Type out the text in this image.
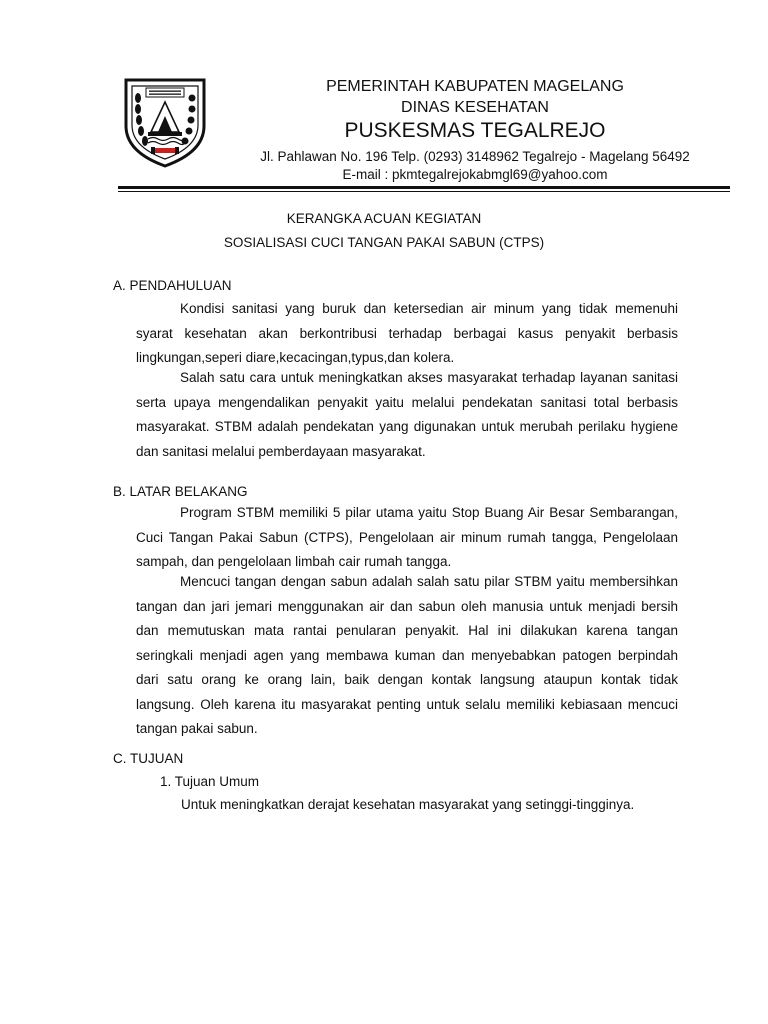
PEMERINTAH KABUPATEN MAGELANG
DINAS KESEHATAN
PUSKESMAS TEGALREJO
Jl. Pahlawan No. 196 Telp. (0293) 3148962 Tegalrejo - Magelang 56492
E-mail : pkmtegalrejokabmgl69@yahoo.com
KERANGKA ACUAN KEGIATAN
SOSIALISASI CUCI TANGAN PAKAI SABUN (CTPS)
A. PENDAHULUAN

Kondisi sanitasi yang buruk dan ketersedian air minum yang tidak memenuhi syarat kesehatan akan berkontribusi terhadap berbagai kasus penyakit berbasis lingkungan,seperi diare,kecacingan,typus,dan kolera.

Salah satu cara untuk meningkatkan akses masyarakat terhadap layanan sanitasi serta upaya mengendalikan penyakit yaitu melalui pendekatan sanitasi total berbasis masyarakat. STBM adalah pendekatan yang digunakan untuk merubah perilaku hygiene dan sanitasi melalui pemberdayaan masyarakat.

B. LATAR BELAKANG

Program STBM memiliki 5 pilar utama yaitu Stop Buang Air Besar Sembarangan, Cuci Tangan Pakai Sabun (CTPS), Pengelolaan air minum rumah tangga, Pengelolaan sampah, dan pengelolaan limbah cair rumah tangga.

Mencuci tangan dengan sabun adalah salah satu pilar STBM yaitu membersihkan tangan dan jari jemari menggunakan air dan sabun oleh manusia untuk menjadi bersih dan memutuskan mata rantai penularan penyakit. Hal ini dilakukan karena tangan seringkali menjadi agen yang membawa kuman dan menyebabkan patogen berpindah dari satu orang ke orang lain, baik dengan kontak langsung ataupun kontak tidak langsung. Oleh karena itu masyarakat penting untuk selalu memiliki kebiasaan mencuci tangan pakai sabun.

C. TUJUAN
1. Tujuan Umum

Untuk meningkatkan derajat kesehatan masyarakat yang setinggi-tingginya.
